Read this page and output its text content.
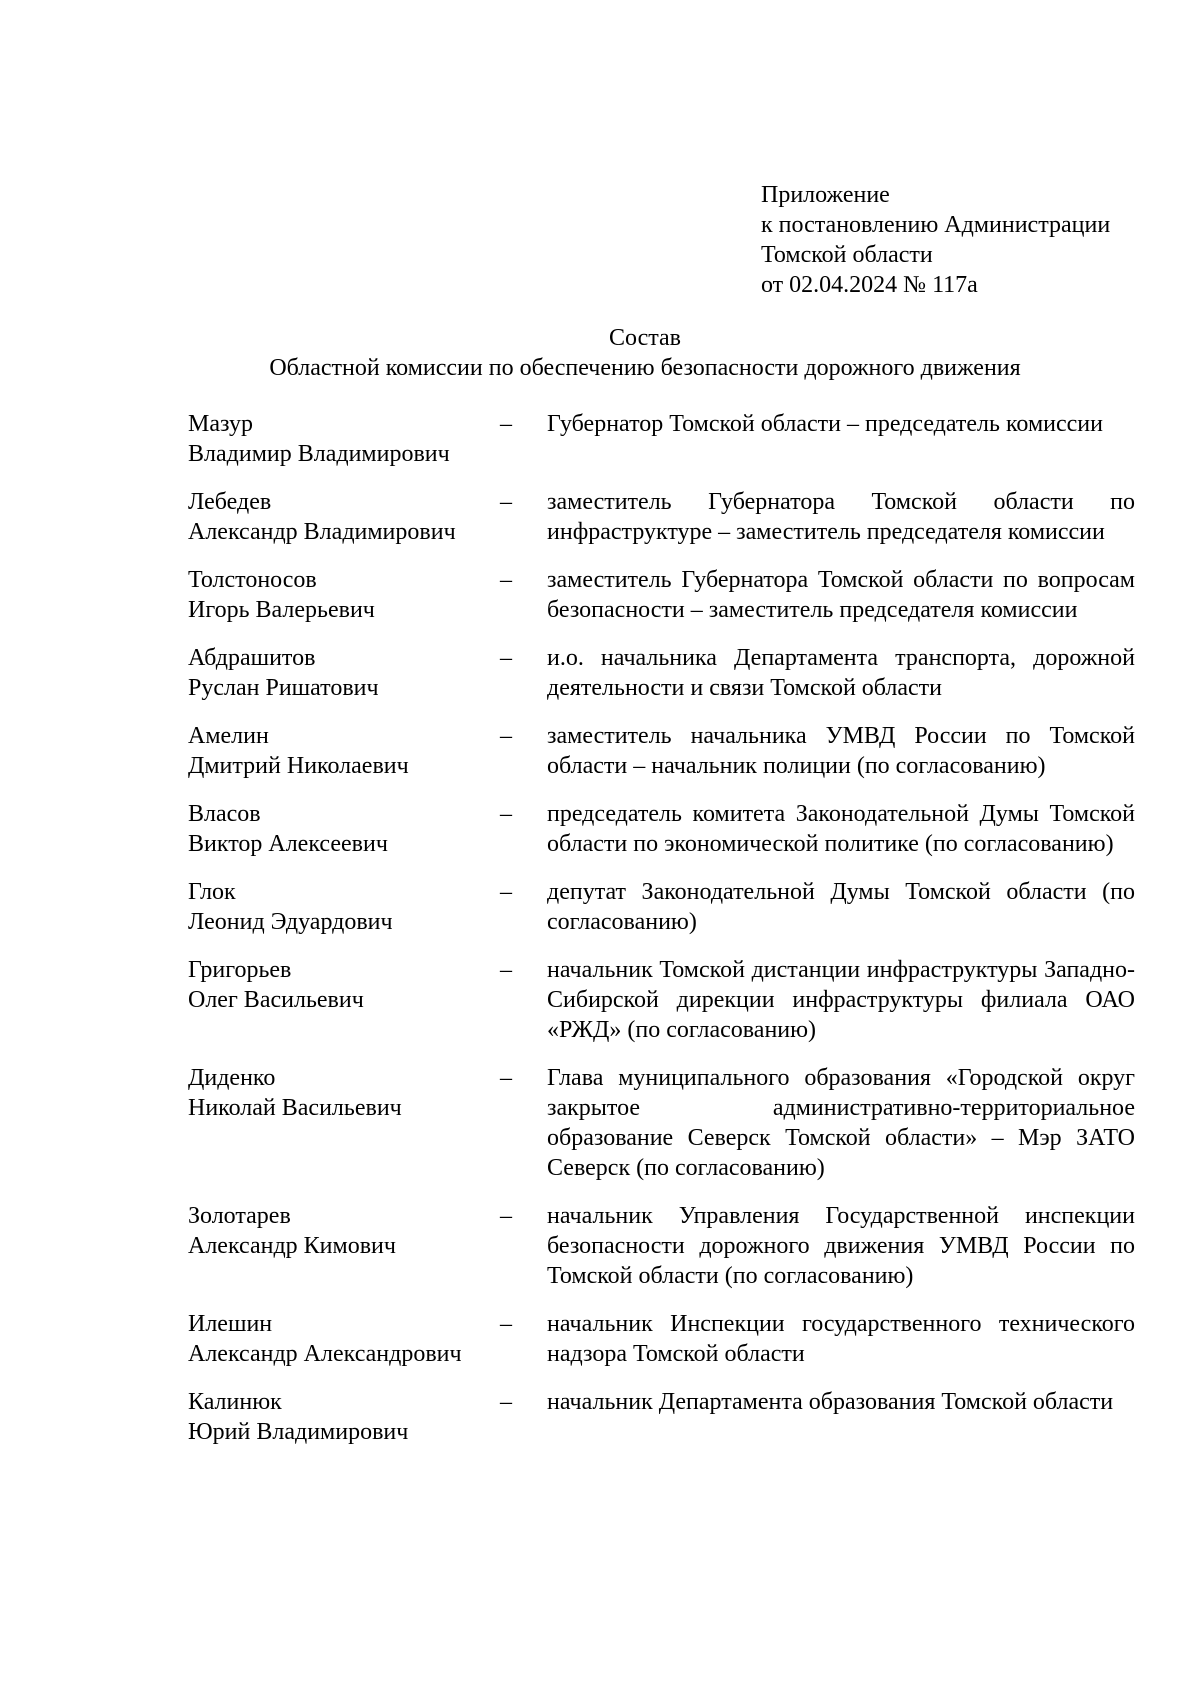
Приложение
к постановлению Администрации
Томской области
от 02.04.2024 № 117а
Состав
Областной комиссии по обеспечению безопасности дорожного движения
Мазур
Владимир Владимирович
–	Губернатор Томской области – председатель комиссии
Лебедев
Александр Владимирович
–	заместитель Губернатора Томской области по инфраструктуре – заместитель председателя комиссии
Толстоносов
Игорь Валерьевич
–	заместитель Губернатора Томской области по вопросам безопасности – заместитель председателя комиссии
Абдрашитов
Руслан Ришатович
–	и.о. начальника Департамента транспорта, дорожной деятельности и связи Томской области
Амелин
Дмитрий Николаевич
–	заместитель начальника УМВД России по Томской области – начальник полиции (по согласованию)
Власов
Виктор Алексеевич
–	председатель комитета Законодательной Думы Томской области по экономической политике (по согласованию)
Глок
Леонид Эдуардович
–	депутат Законодательной Думы Томской области (по согласованию)
Григорьев
Олег Васильевич
–	начальник Томской дистанции инфраструктуры Западно-Сибирской дирекции инфраструктуры филиала ОАО «РЖД» (по согласованию)
Диденко
Николай Васильевич
–	Глава муниципального образования «Городской округ закрытое административно-территориальное образование Северск Томской области» – Мэр ЗАТО Северск (по согласованию)
Золотарев
Александр Кимович
–	начальник Управления Государственной инспекции безопасности дорожного движения УМВД России по Томской области (по согласованию)
Илешин
Александр Александрович
–	начальник Инспекции государственного технического надзора Томской области
Калинюк
Юрий Владимирович
–	начальник Департамента образования Томской области
